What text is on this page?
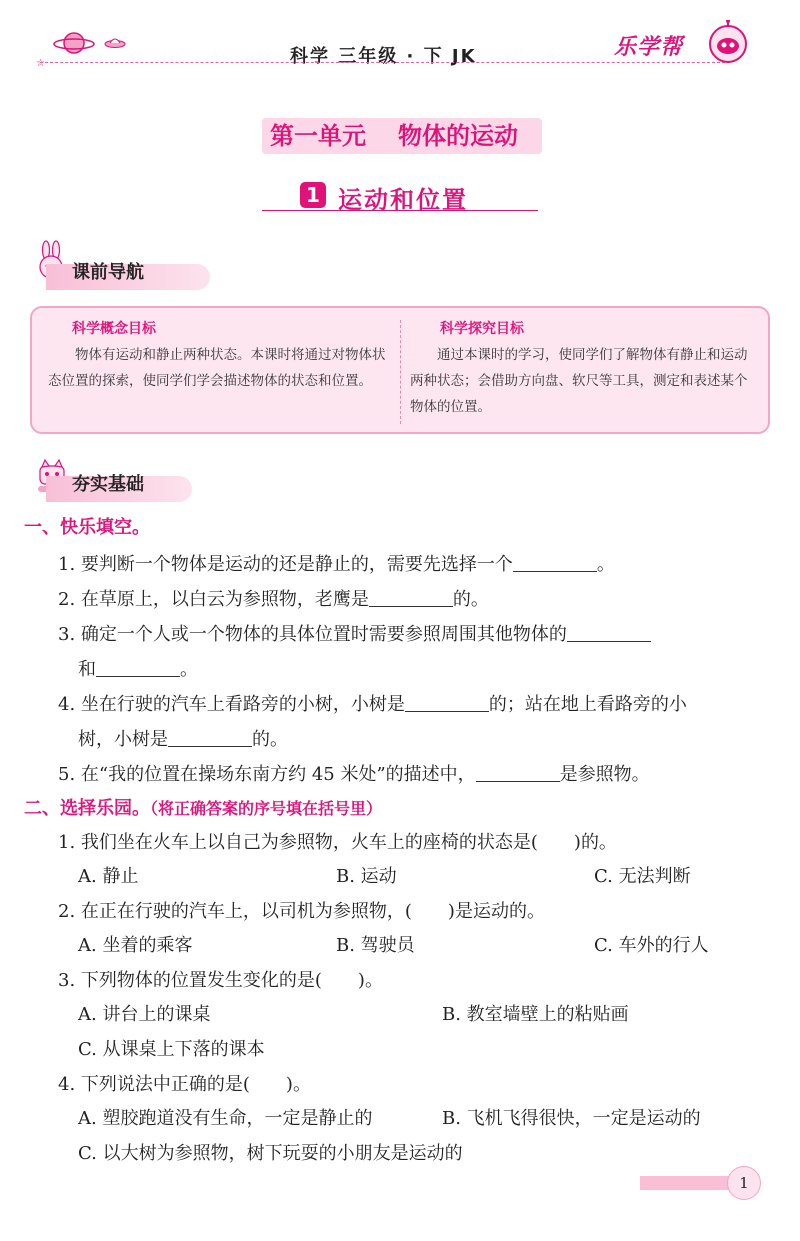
☆	科学 三年级 · 下 JK	乐学帮
第一单元 物体的运动
1 运动和位置
课前导航
科学概念目标
物体有运动和静止两种状态。本课时将通过对物体状态位置的探索，使同学们学会描述物体的状态和位置。
科学探究目标
通过本课时的学习，使同学们了解物体有静止和运动两种状态；会借助方向盘、软尺等工具，测定和表述某个物体的位置。
夯实基础
一、快乐填空。
1. 要判断一个物体是运动的还是静止的，需要先选择一个	。
2. 在草原上，以白云为参照物，老鹰是	的。
3. 确定一个人或一个物体的具体位置时需要参照周围其他物体的
和	。
4. 坐在行驶的汽车上看路旁的小树，小树是	的；站在地上看路旁的小
树，小树是	的。
5. 在“我的位置在操场东南方约 45 米处”的描述中，	是参照物。
二、选择乐园。（将正确答案的序号填在括号里）
1. 我们坐在火车上以自己为参照物，火车上的座椅的状态是(　　)的。
A. 静止	B. 运动	C. 无法判断
2. 在正在行驶的汽车上，以司机为参照物，(　　)是运动的。
A. 坐着的乘客	B. 驾驶员	C. 车外的行人
3. 下列物体的位置发生变化的是(　　)。
A. 讲台上的课桌	B. 教室墙壁上的粘贴画
C. 从课桌上下落的课本
4. 下列说法中正确的是(　　)。
A. 塑胶跑道没有生命，一定是静止的	B. 飞机飞得很快，一定是运动的
C. 以大树为参照物，树下玩耍的小朋友是运动的
1
